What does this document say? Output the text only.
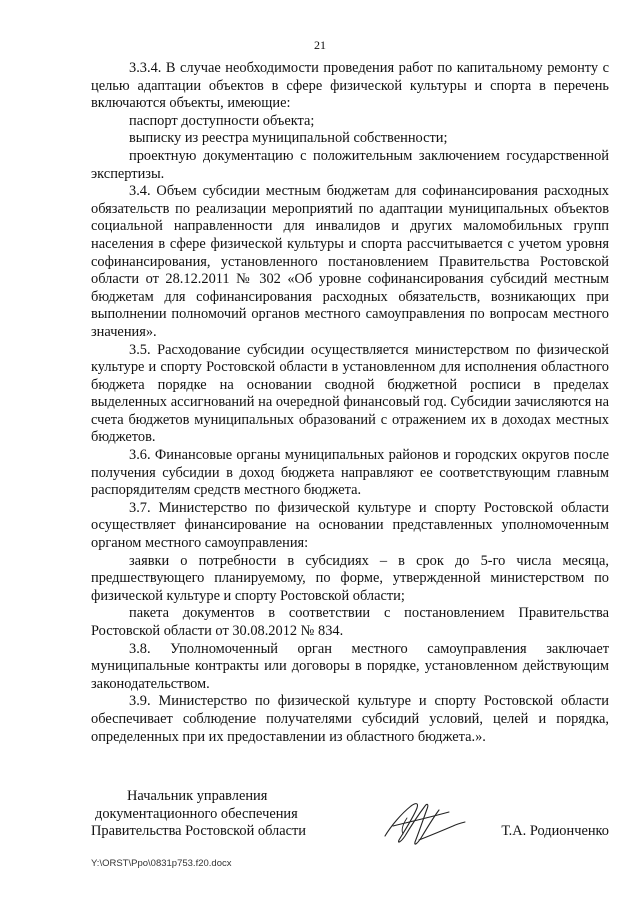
21

3.3.4. В случае необходимости проведения работ по капитальному ремонту с целью адаптации объектов в сфере физической культуры и спорта в перечень включаются объекты, имеющие:

паспорт доступности объекта;

выписку из реестра муниципальной собственности;

проектную документацию с положительным заключением государственной экспертизы.

3.4. Объем субсидии местным бюджетам для софинансирования расходных обязательств по реализации мероприятий по адаптации муниципальных объектов социальной направленности для инвалидов и других маломобильных групп населения в сфере физической культуры и спорта рассчитывается с учетом уровня софинансирования, установленного постановлением Правительства Ростовской области от 28.12.2011 № 302 «Об уровне софинансирования субсидий местным бюджетам для софинансирования расходных обязательств, возникающих при выполнении полномочий органов местного самоуправления по вопросам местного значения».

3.5. Расходование субсидии осуществляется министерством по физической культуре и спорту Ростовской области в установленном для исполнения областного бюджета порядке на основании сводной бюджетной росписи в пределах выделенных ассигнований на очередной финансовый год. Субсидии зачисляются на счета бюджетов муниципальных образований с отражением их в доходах местных бюджетов.

3.6. Финансовые органы муниципальных районов и городских округов после получения субсидии в доход бюджета направляют ее соответствующим главным распорядителям средств местного бюджета.

3.7. Министерство по физической культуре и спорту Ростовской области осуществляет финансирование на основании представленных уполномоченным органом местного самоуправления:

заявки о потребности в субсидиях – в срок до 5-го числа месяца, предшествующего планируемому, по форме, утвержденной министерством по физической культуре и спорту Ростовской области;

пакета документов в соответствии с постановлением Правительства Ростовской области от 30.08.2012 № 834.

3.8. Уполномоченный орган местного самоуправления заключает муниципальные контракты или договоры в порядке, установленном действующим законодательством.

3.9. Министерство по физической культуре и спорту Ростовской области обеспечивает соблюдение получателями субсидий условий, целей и порядка, определенных при их предоставлении из областного бюджета.».

Начальник управления
документационного обеспечения
Правительства Ростовской области	Т.А. Родионченко
Y:\ORST\Ppo\0831p753.f20.docx
